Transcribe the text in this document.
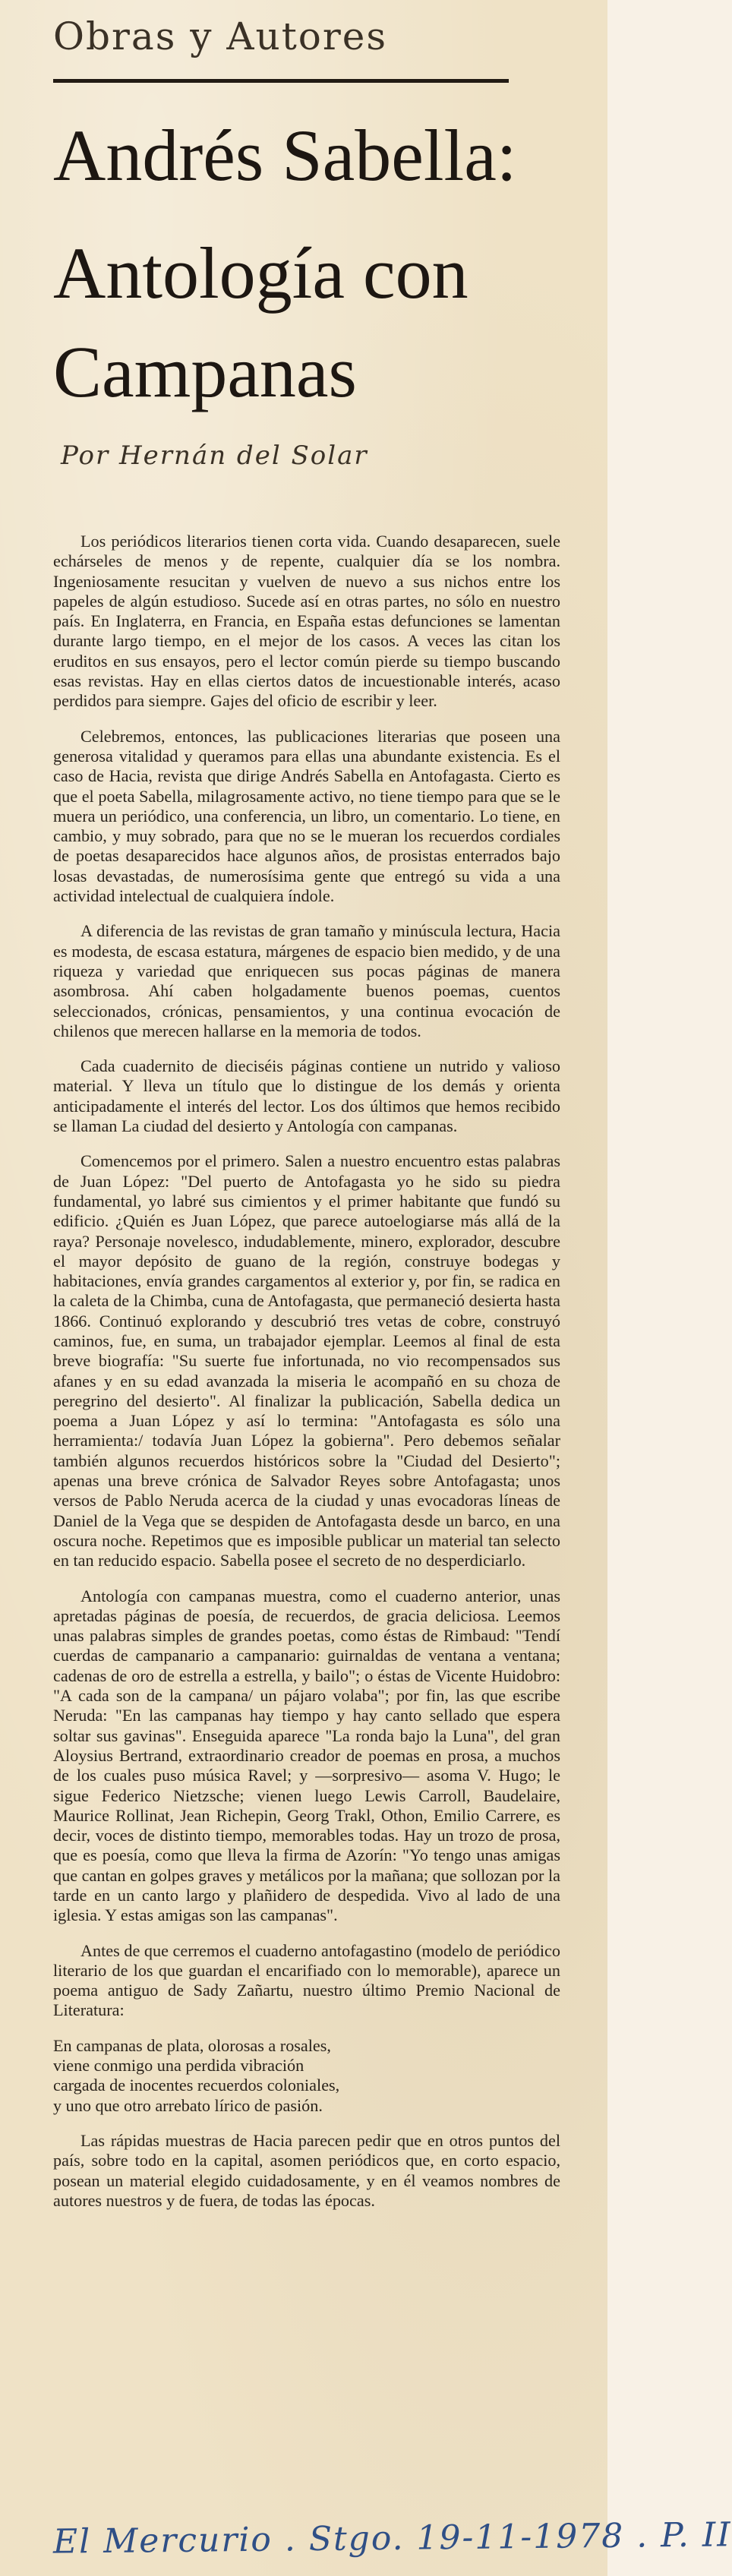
Obras y Autores
Andrés Sabella:
Antología con
Campanas
Por Hernán del Solar

Los periódicos literarios tienen corta vida. Cuando desaparecen, suele echárseles de menos y de repente, cualquier día se los nombra. Ingeniosamente resucitan y vuelven de nuevo a sus nichos entre los papeles de algún estudioso. Sucede así en otras partes, no sólo en nuestro país. En Inglaterra, en Francia, en España estas defunciones se lamentan durante largo tiempo, en el mejor de los casos. A veces las citan los eruditos en sus ensayos, pero el lector común pierde su tiempo buscando esas revistas. Hay en ellas ciertos datos de incuestionable interés, acaso perdidos para siempre. Gajes del oficio de escribir y leer.

Celebremos, entonces, las publicaciones literarias que poseen una generosa vitalidad y queramos para ellas una abundante existencia. Es el caso de Hacia, revista que dirige Andrés Sabella en Antofagasta. Cierto es que el poeta Sabella, milagrosamente activo, no tiene tiempo para que se le muera un periódico, una conferencia, un libro, un comentario. Lo tiene, en cambio, y muy sobrado, para que no se le mueran los recuerdos cordiales de poetas desaparecidos hace algunos años, de prosistas enterrados bajo losas devastadas, de numerosísima gente que entregó su vida a una actividad intelectual de cualquiera índole.

A diferencia de las revistas de gran tamaño y minúscula lectura, Hacia es modesta, de escasa estatura, márgenes de espacio bien medido, y de una riqueza y variedad que enriquecen sus pocas páginas de manera asombrosa. Ahí caben holgadamente buenos poemas, cuentos seleccionados, crónicas, pensamientos, y una continua evocación de chilenos que merecen hallarse en la memoria de todos.

Cada cuadernito de dieciséis páginas contiene un nutrido y valioso material. Y lleva un título que lo distingue de los demás y orienta anticipadamente el interés del lector. Los dos últimos que hemos recibido se llaman La ciudad del desierto y Antología con campanas.

Comencemos por el primero. Salen a nuestro encuentro estas palabras de Juan López: "Del puerto de Antofagasta yo he sido su piedra fundamental, yo labré sus cimientos y el primer habitante que fundó su edificio. ¿Quién es Juan López, que parece autoelogiarse más allá de la raya? Personaje novelesco, indudablemente, minero, explorador, descubre el mayor depósito de guano de la región, construye bodegas y habitaciones, envía grandes cargamentos al exterior y, por fin, se radica en la caleta de la Chimba, cuna de Antofagasta, que permaneció desierta hasta 1866. Continuó explorando y descubrió tres vetas de cobre, construyó caminos, fue, en suma, un trabajador ejemplar. Leemos al final de esta breve biografía: "Su suerte fue infortunada, no vio recompensados sus afanes y en su edad avanzada la miseria le acompañó en su choza de peregrino del desierto". Al finalizar la publicación, Sabella dedica un poema a Juan López y así lo termina: "Antofagasta es sólo una herramienta:/ todavía Juan López la gobierna". Pero debemos señalar también algunos recuerdos históricos sobre la "Ciudad del Desierto"; apenas una breve crónica de Salvador Reyes sobre Antofagasta; unos versos de Pablo Neruda acerca de la ciudad y unas evocadoras líneas de Daniel de la Vega que se despiden de Antofagasta desde un barco, en una oscura noche. Repetimos que es imposible publicar un material tan selecto en tan reducido espacio. Sabella posee el secreto de no desperdiciarlo.

Antología con campanas muestra, como el cuaderno anterior, unas apretadas páginas de poesía, de recuerdos, de gracia deliciosa. Leemos unas palabras simples de grandes poetas, como éstas de Rimbaud: "Tendí cuerdas de campanario a campanario: guirnaldas de ventana a ventana; cadenas de oro de estrella a estrella, y bailo"; o éstas de Vicente Huidobro: "A cada son de la campana/ un pájaro volaba"; por fin, las que escribe Neruda: "En las campanas hay tiempo y hay canto sellado que espera soltar sus gavinas". Enseguida aparece "La ronda bajo la Luna", del gran Aloysius Bertrand, extraordinario creador de poemas en prosa, a muchos de los cuales puso música Ravel; y —sorpresivo— asoma V. Hugo; le sigue Federico Nietzsche; vienen luego Lewis Carroll, Baudelaire, Maurice Rollinat, Jean Richepin, Georg Trakl, Othon, Emilio Carrere, es decir, voces de distinto tiempo, memorables todas. Hay un trozo de prosa, que es poesía, como que lleva la firma de Azorín: "Yo tengo unas amigas que cantan en golpes graves y metálicos por la mañana; que sollozan por la tarde en un canto largo y plañidero de despedida. Vivo al lado de una iglesia. Y estas amigas son las campanas".

Antes de que cerremos el cuaderno antofagastino (modelo de periódico literario de los que guardan el encarifiado con lo memorable), aparece un poema antiguo de Sady Zañartu, nuestro último Premio Nacional de Literatura:

En campanas de plata, olorosas a rosales,
viene conmigo una perdida vibración
cargada de inocentes recuerdos coloniales,
y uno que otro arrebato lírico de pasión.

Las rápidas muestras de Hacia parecen pedir que en otros puntos del país, sobre todo en la capital, asomen periódicos que, en corto espacio, posean un material elegido cuidadosamente, y en él veamos nombres de autores nuestros y de fuera, de todas las épocas.

El Mercurio . Stgo. 19-11-1978 . P. II
